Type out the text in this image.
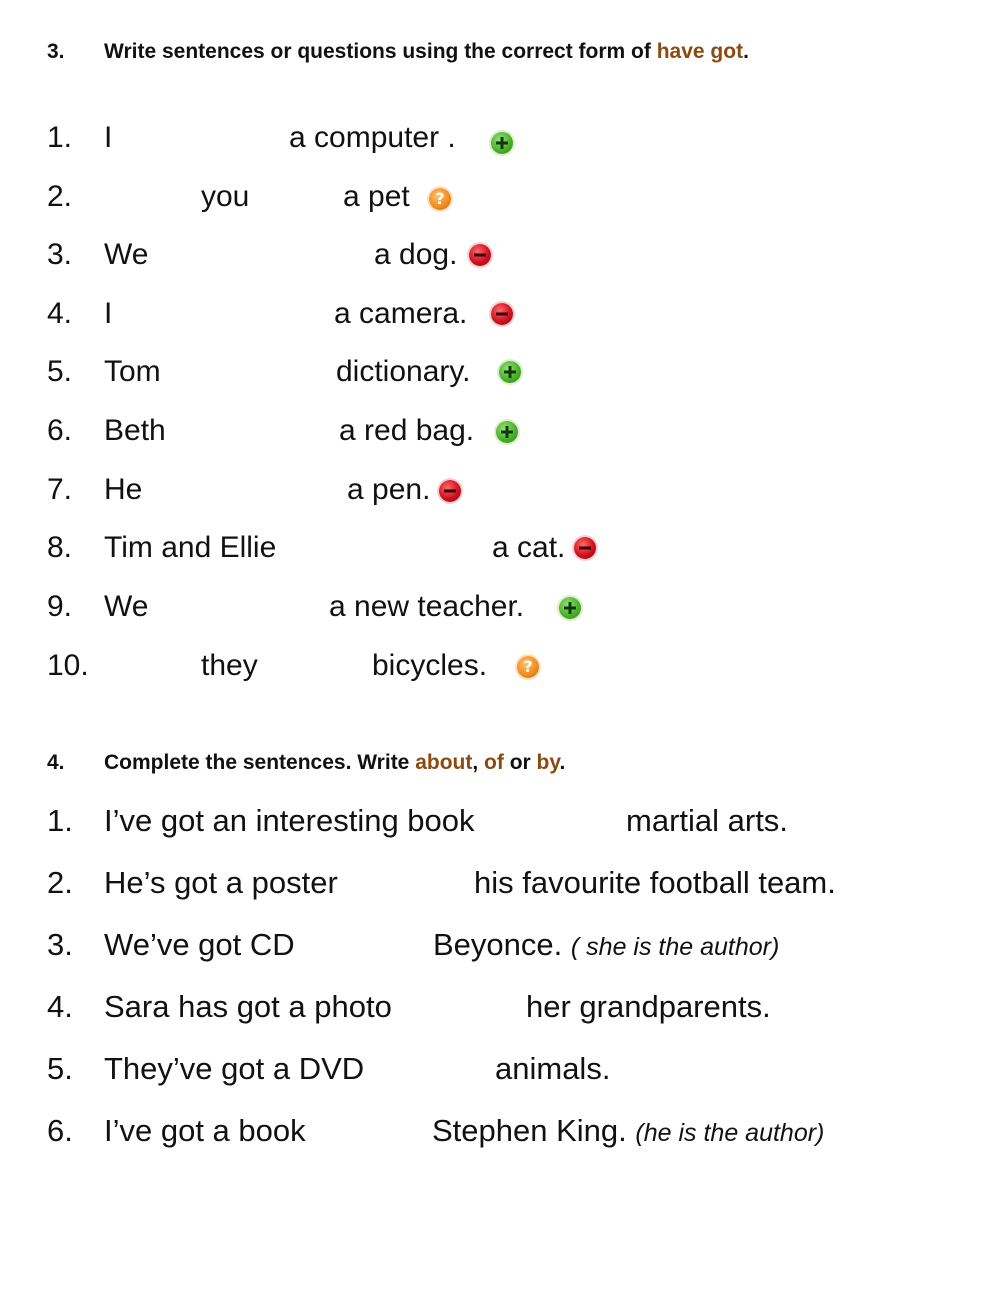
3. Write sentences or questions using the correct form of have got.
1. I	a computer .
2.	you	a pet	?
3. We	a dog.
4. I	a camera.
5. Tom	dictionary.
6. Beth	a red bag.
7. He	a pen.
8. Tim and Ellie	a cat.
9. We	a new teacher.
10.	they	bicycles.	?
4. Complete the sentences. Write about, of or by.
1. I’ve got an interesting book	martial arts.
2. He’s got a poster	his favourite football team.
3. We’ve got CD	Beyonce. ( she is the author)
4. Sara has got a photo	her grandparents.
5. They’ve got a DVD	animals.
6. I’ve got a book	Stephen King. (he is the author)
